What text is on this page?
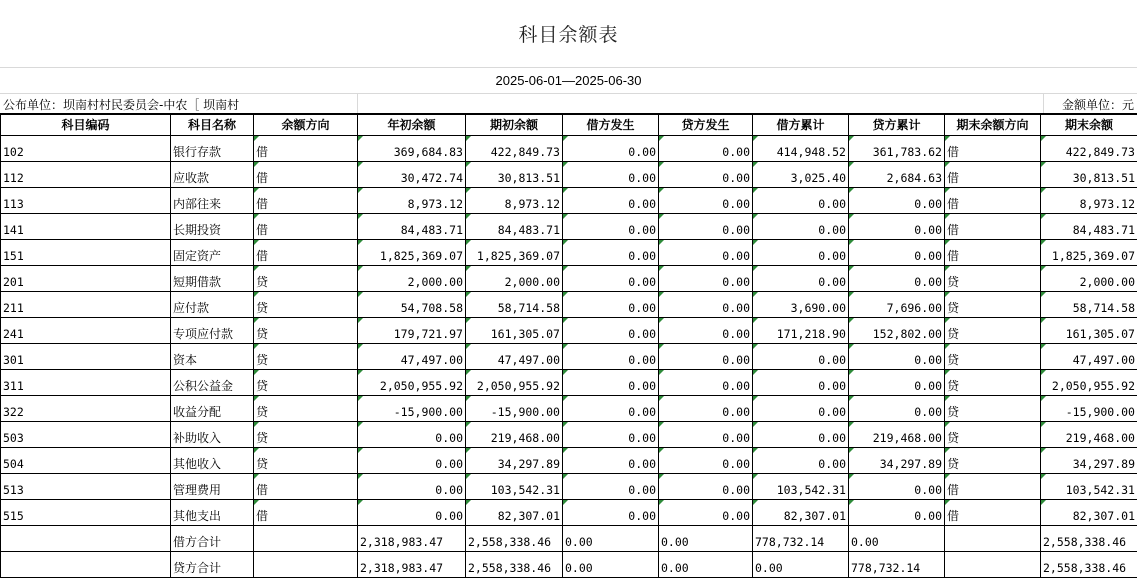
科目余额表
2025-06-01—2025-06-30
公布单位：坝南村村民委员会-中农［ 坝南村	金额单位：元
科目编码	科目名称	余额方向	年初余额	期初余额	借方发生	贷方发生	借方累计	贷方累计	期末余额方向	期末余额
102	银行存款	借	369,684.83	422,849.73	0.00	0.00	414,948.52	361,783.62	借	422,849.73
112	应收款	借	30,472.74	30,813.51	0.00	0.00	3,025.40	2,684.63	借	30,813.51
113	内部往来	借	8,973.12	8,973.12	0.00	0.00	0.00	0.00	借	8,973.12
141	长期投资	借	84,483.71	84,483.71	0.00	0.00	0.00	0.00	借	84,483.71
151	固定资产	借	1,825,369.07	1,825,369.07	0.00	0.00	0.00	0.00	借	1,825,369.07
201	短期借款	贷	2,000.00	2,000.00	0.00	0.00	0.00	0.00	贷	2,000.00
211	应付款	贷	54,708.58	58,714.58	0.00	0.00	3,690.00	7,696.00	贷	58,714.58
241	专项应付款	贷	179,721.97	161,305.07	0.00	0.00	171,218.90	152,802.00	贷	161,305.07
301	资本	贷	47,497.00	47,497.00	0.00	0.00	0.00	0.00	贷	47,497.00
311	公积公益金	贷	2,050,955.92	2,050,955.92	0.00	0.00	0.00	0.00	贷	2,050,955.92
322	收益分配	贷	-15,900.00	-15,900.00	0.00	0.00	0.00	0.00	贷	-15,900.00
503	补助收入	贷	0.00	219,468.00	0.00	0.00	0.00	219,468.00	贷	219,468.00
504	其他收入	贷	0.00	34,297.89	0.00	0.00	0.00	34,297.89	贷	34,297.89
513	管理费用	借	0.00	103,542.31	0.00	0.00	103,542.31	0.00	借	103,542.31
515	其他支出	借	0.00	82,307.01	0.00	0.00	82,307.01	0.00	借	82,307.01
	借方合计		2,318,983.47	2,558,338.46	0.00	0.00	778,732.14	0.00		2,558,338.46
	贷方合计		2,318,983.47	2,558,338.46	0.00	0.00	0.00	778,732.14		2,558,338.46
